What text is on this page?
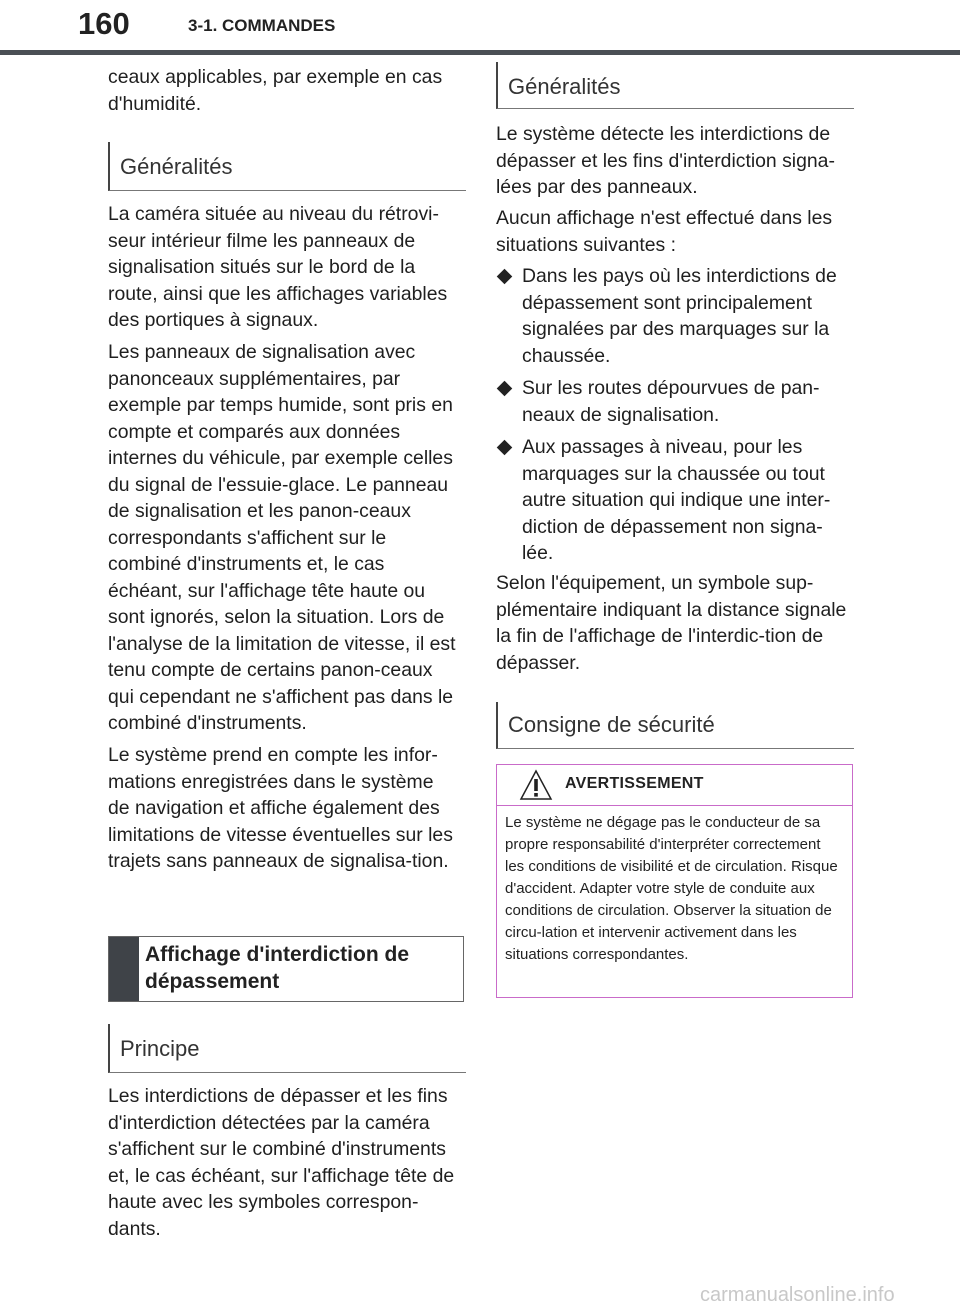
160	3-1. COMMANDES

ceaux applicables, par exemple en cas d'humidité.

Généralités

La caméra située au niveau du rétrovi-seur intérieur filme les panneaux de signalisation situés sur le bord de la route, ainsi que les affichages variables des portiques à signaux.

Les panneaux de signalisation avec panonceaux supplémentaires, par exemple par temps humide, sont pris en compte et comparés aux données internes du véhicule, par exemple celles du signal de l'essuie-glace. Le panneau de signalisation et les panon-ceaux correspondants s'affichent sur le combiné d'instruments et, le cas échéant, sur l'affichage tête haute ou sont ignorés, selon la situation. Lors de l'analyse de la limitation de vitesse, il est tenu compte de certains panon-ceaux qui cependant ne s'affichent pas dans le combiné d'instruments.

Le système prend en compte les infor-mations enregistrées dans le système de navigation et affiche également des limitations de vitesse éventuelles sur les trajets sans panneaux de signalisa-tion.

Affichage d'interdiction de dépassement
Principe

Les interdictions de dépasser et les fins d'interdiction détectées par la caméra s'affichent sur le combiné d'instruments et, le cas échéant, sur l'affichage tête de haute avec les symboles correspon-dants.

Généralités

Le système détecte les interdictions de dépasser et les fins d'interdiction signa-lées par des panneaux.

Aucun affichage n'est effectué dans les situations suivantes :

Dans les pays où les interdictions de dépassement sont principalement signalées par des marquages sur la chaussée.
Sur les routes dépourvues de pan-neaux de signalisation.
Aux passages à niveau, pour les marquages sur la chaussée ou tout autre situation qui indique une inter-diction de dépassement non signa-lée.

Selon l'équipement, un symbole sup-plémentaire indiquant la distance signale la fin de l'affichage de l'interdic-tion de dépasser.

Consigne de sécurité
AVERTISSEMENT

Le système ne dégage pas le conducteur de sa propre responsabilité d'interpréter correctement les conditions de visibilité et de circulation. Risque d'accident. Adapter votre style de conduite aux conditions de circulation. Observer la situation de circu-lation et intervenir activement dans les situations correspondantes.

carmanualsonline.info
